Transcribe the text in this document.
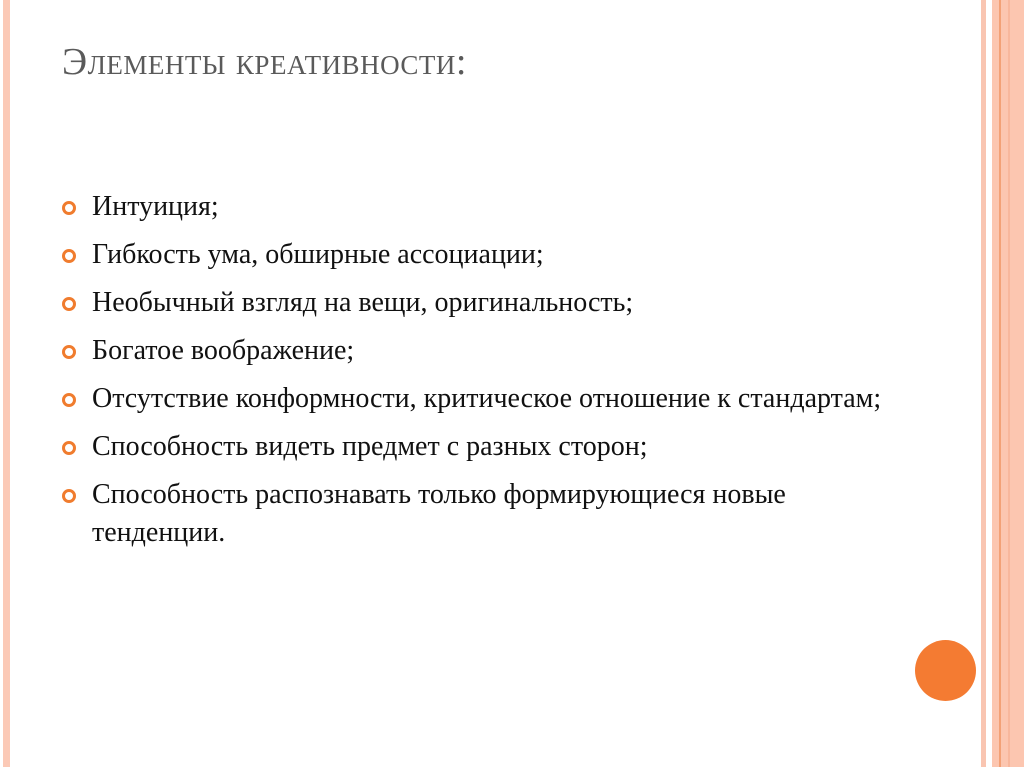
Элементы креативности:
Интуиция;
Гибкость ума, обширные ассоциации;
Необычный взгляд на вещи, оригинальность;
Богатое воображение;
Отсутствие конформности, критическое отношение к стандартам;
Способность видеть предмет с разных сторон;
Способность распознавать только формирующиеся новые тенденции.
